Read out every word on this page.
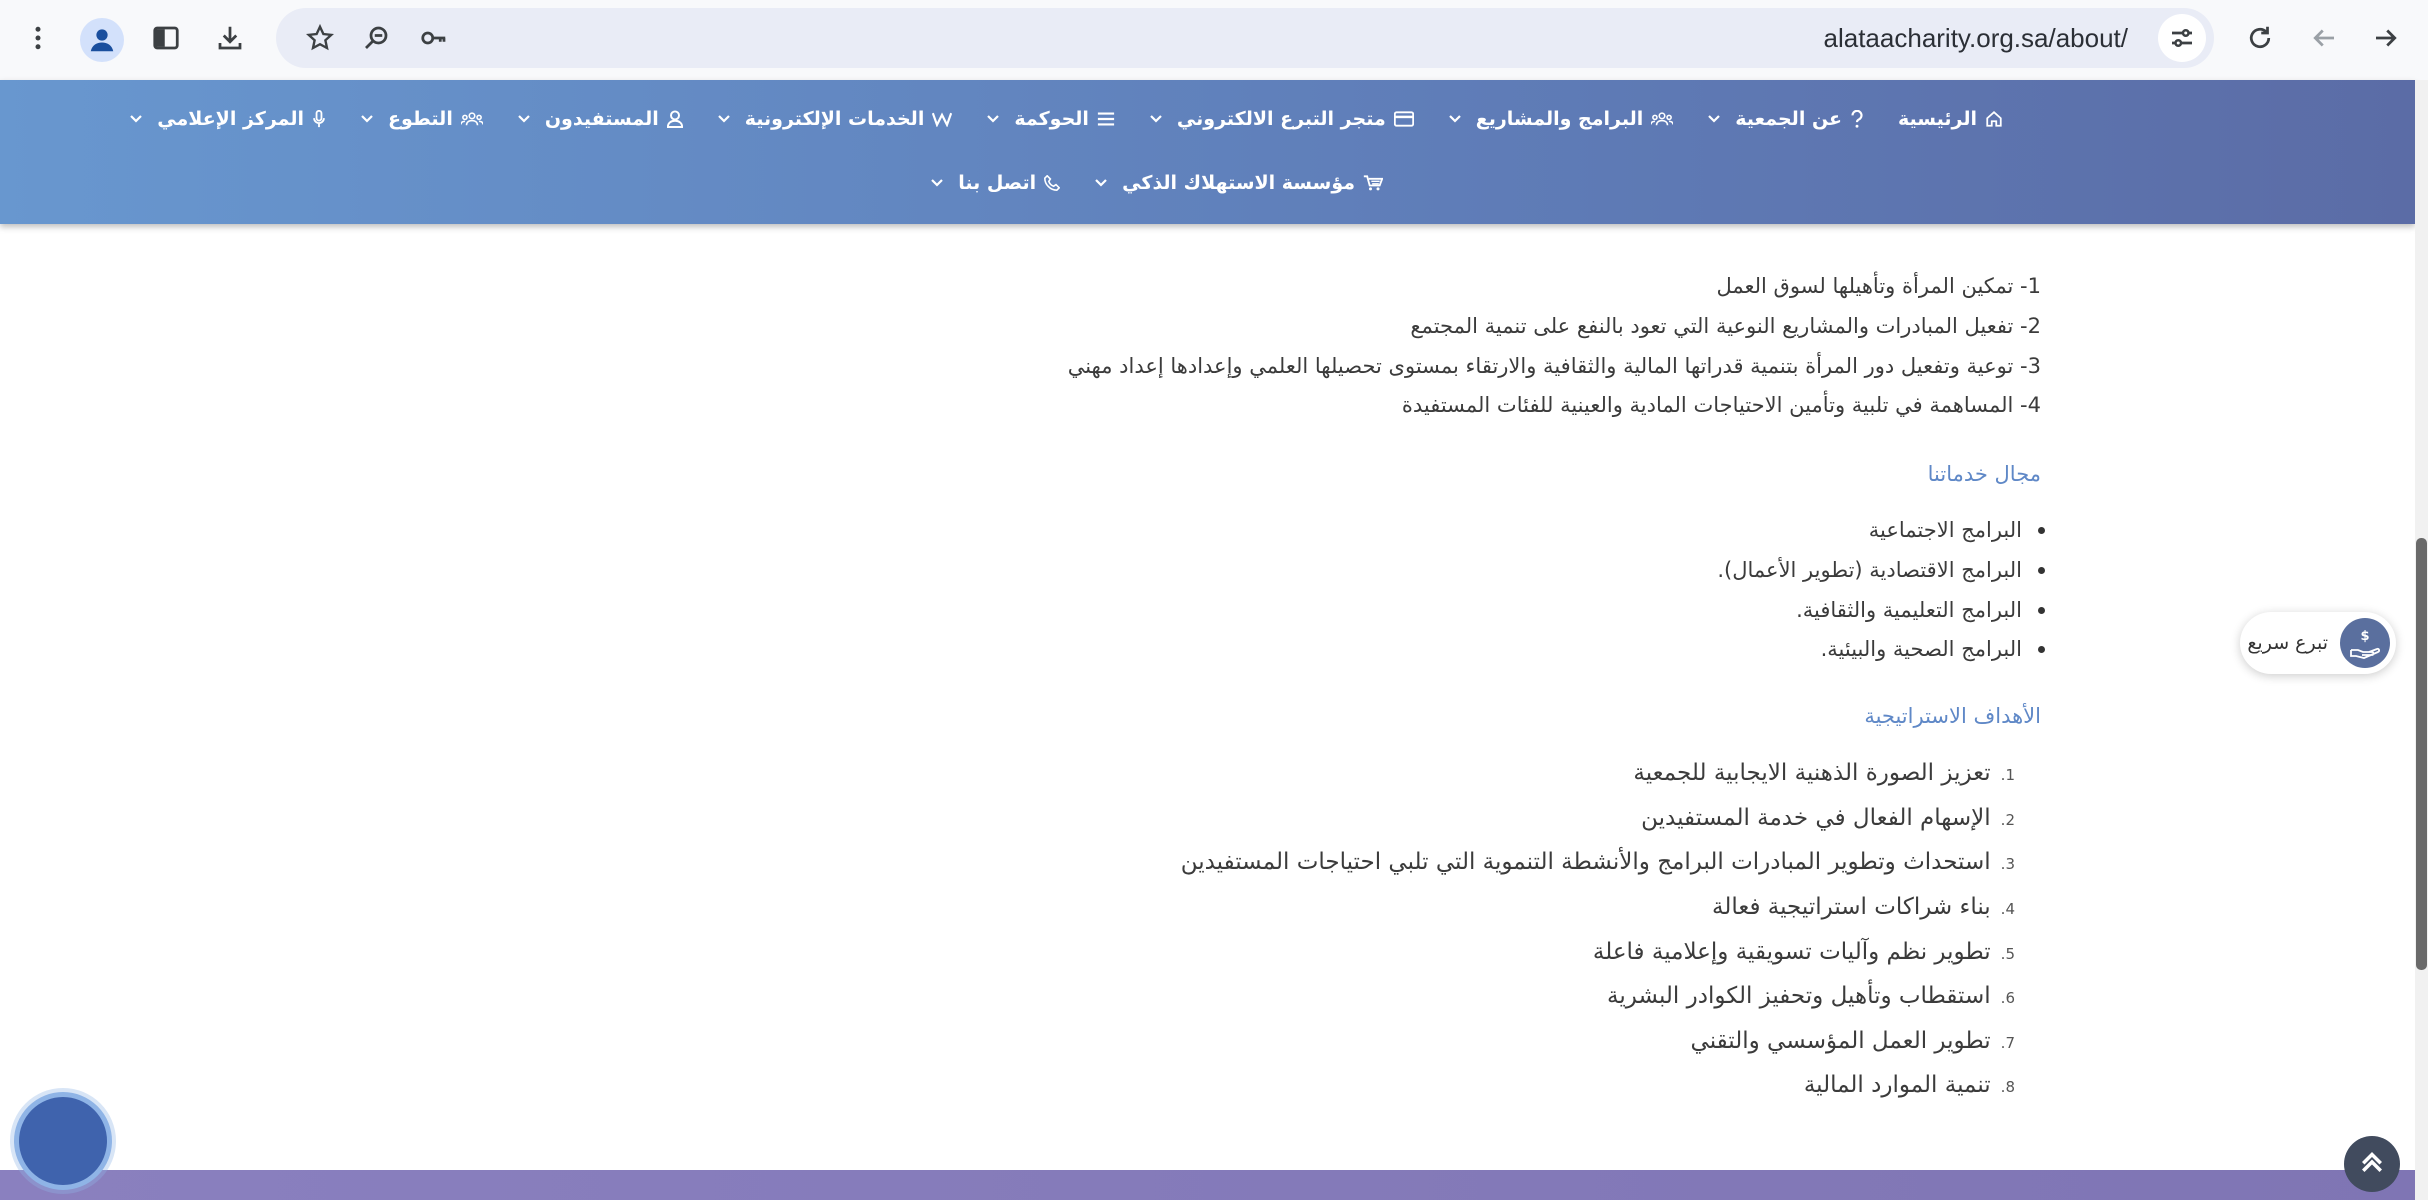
alataacharity.org.sa/about/
الرئيسية
عن الجمعية
البرامج والمشاريع
متجر التبرع الالكتروني
الحوكمة
الخدمات الإلكترونية
المستفيدون
التطوع
المركز الإعلامي
مؤسسة الاستهلاك الذكي
اتصل بنا
1- تمكين المرأة وتأهيلها لسوق العمل
2- تفعيل المبادرات والمشاريع النوعية التي تعود بالنفع على تنمية المجتمع
3- توعية وتفعيل دور المرأة بتنمية قدراتها المالية والثقافية والارتقاء بمستوى تحصيلها العلمي وإعدادها إعداد مهني
4- المساهمة في تلبية وتأمين الاحتياجات المادية والعينية للفئات المستفيدة
مجال خدماتنا
البرامج الاجتماعية
البرامج الاقتصادية (تطوير الأعمال).
البرامج التعليمية والثقافية.
البرامج الصحية والبيئية.
الأهداف الاستراتيجية
1.
تعزيز الصورة الذهنية الايجابية للجمعية
2.
الإسهام الفعال في خدمة المستفيدين
3.
استحداث وتطوير المبادرات البرامج والأنشطة التنموية التي تلبي احتياجات المستفيدين
4.
بناء شراكات استراتيجية فعالة
5.
تطوير نظم وآليات تسويقية وإعلامية فاعلة
6.
استقطاب وتأهيل وتحفيز الكوادر البشرية
7.
تطوير العمل المؤسسي والتقني
8.
تنمية الموارد المالية
$
تبرع سريع
